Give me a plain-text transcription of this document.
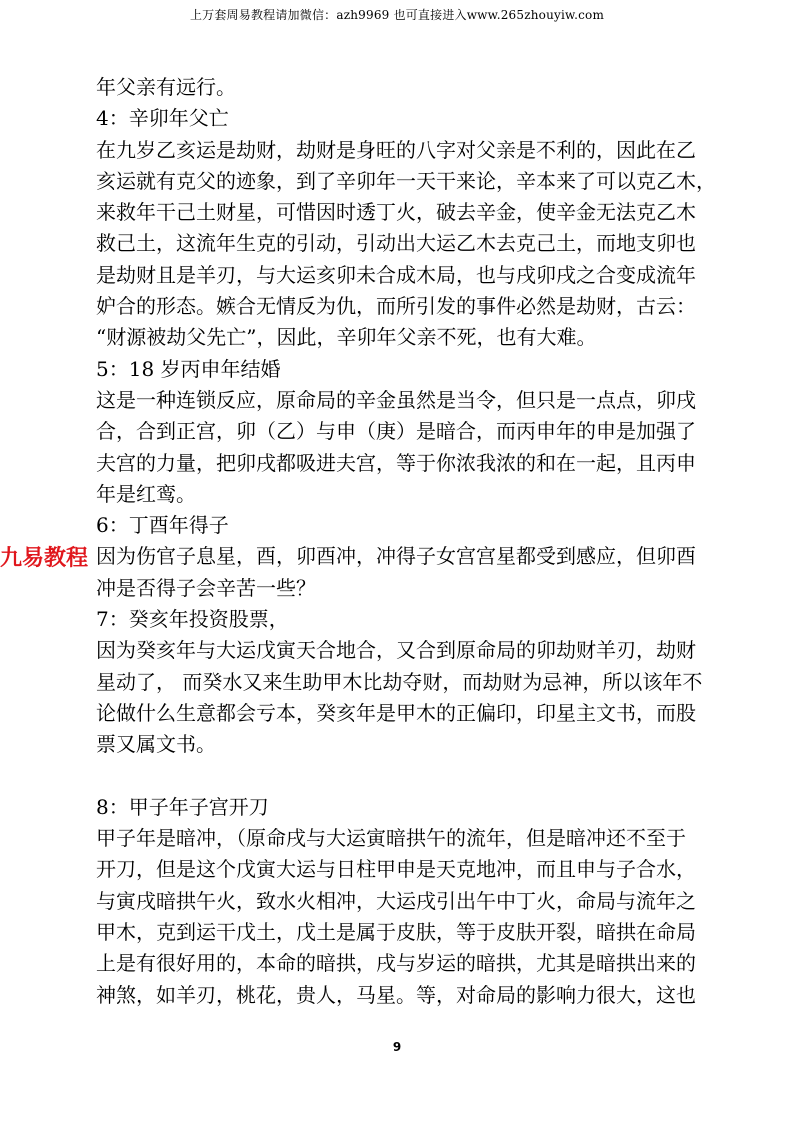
上万套周易教程请加微信：azh9969 也可直接进入www.265zhouyiw.com
年父亲有远行。
4：辛卯年父亡
在九岁乙亥运是劫财，劫财是身旺的八字对父亲是不利的，因此在乙
亥运就有克父的迹象，到了辛卯年一天干来论，辛本来了可以克乙木，
来救年干己土财星，可惜因时透丁火，破去辛金，使辛金无法克乙木
救己土，这流年生克的引动，引动出大运乙木去克己土，而地支卯也
是劫财且是羊刃，与大运亥卯未合成木局，也与戌卯戌之合变成流年
妒合的形态。嫉合无情反为仇，而所引发的事件必然是劫财，古云：
“财源被劫父先亡”，因此，辛卯年父亲不死，也有大难。
5：18 岁丙申年结婚
这是一种连锁反应，原命局的辛金虽然是当令，但只是一点点，卯戌
合，合到正宫，卯（乙）与申（庚）是暗合，而丙申年的申是加强了
夫宫的力量，把卯戌都吸进夫宫，等于你浓我浓的和在一起，且丙申
年是红鸾。
6：丁酉年得子
因为伤官子息星，酉，卯酉冲，冲得子女宫宫星都受到感应，但卯酉
冲是否得子会辛苦一些？
7：癸亥年投资股票，
因为癸亥年与大运戊寅天合地合，又合到原命局的卯劫财羊刃，劫财
星动了， 而癸水又来生助甲木比劫夺财，而劫财为忌神，所以该年不
论做什么生意都会亏本，癸亥年是甲木的正偏印，印星主文书，而股
票又属文书。
8：甲子年子宫开刀
甲子年是暗冲，（原命戌与大运寅暗拱午的流年，但是暗冲还不至于
开刀，但是这个戊寅大运与日柱甲申是天克地冲，而且申与子合水，
与寅戌暗拱午火，致水火相冲，大运戌引出午中丁火，命局与流年之
甲木，克到运干戊土，戊土是属于皮肤，等于皮肤开裂，暗拱在命局
上是有很好用的，本命的暗拱，戌与岁运的暗拱，尤其是暗拱出来的
神煞，如羊刃，桃花，贵人，马星。等，对命局的影响力很大，这也
九易教程
9
